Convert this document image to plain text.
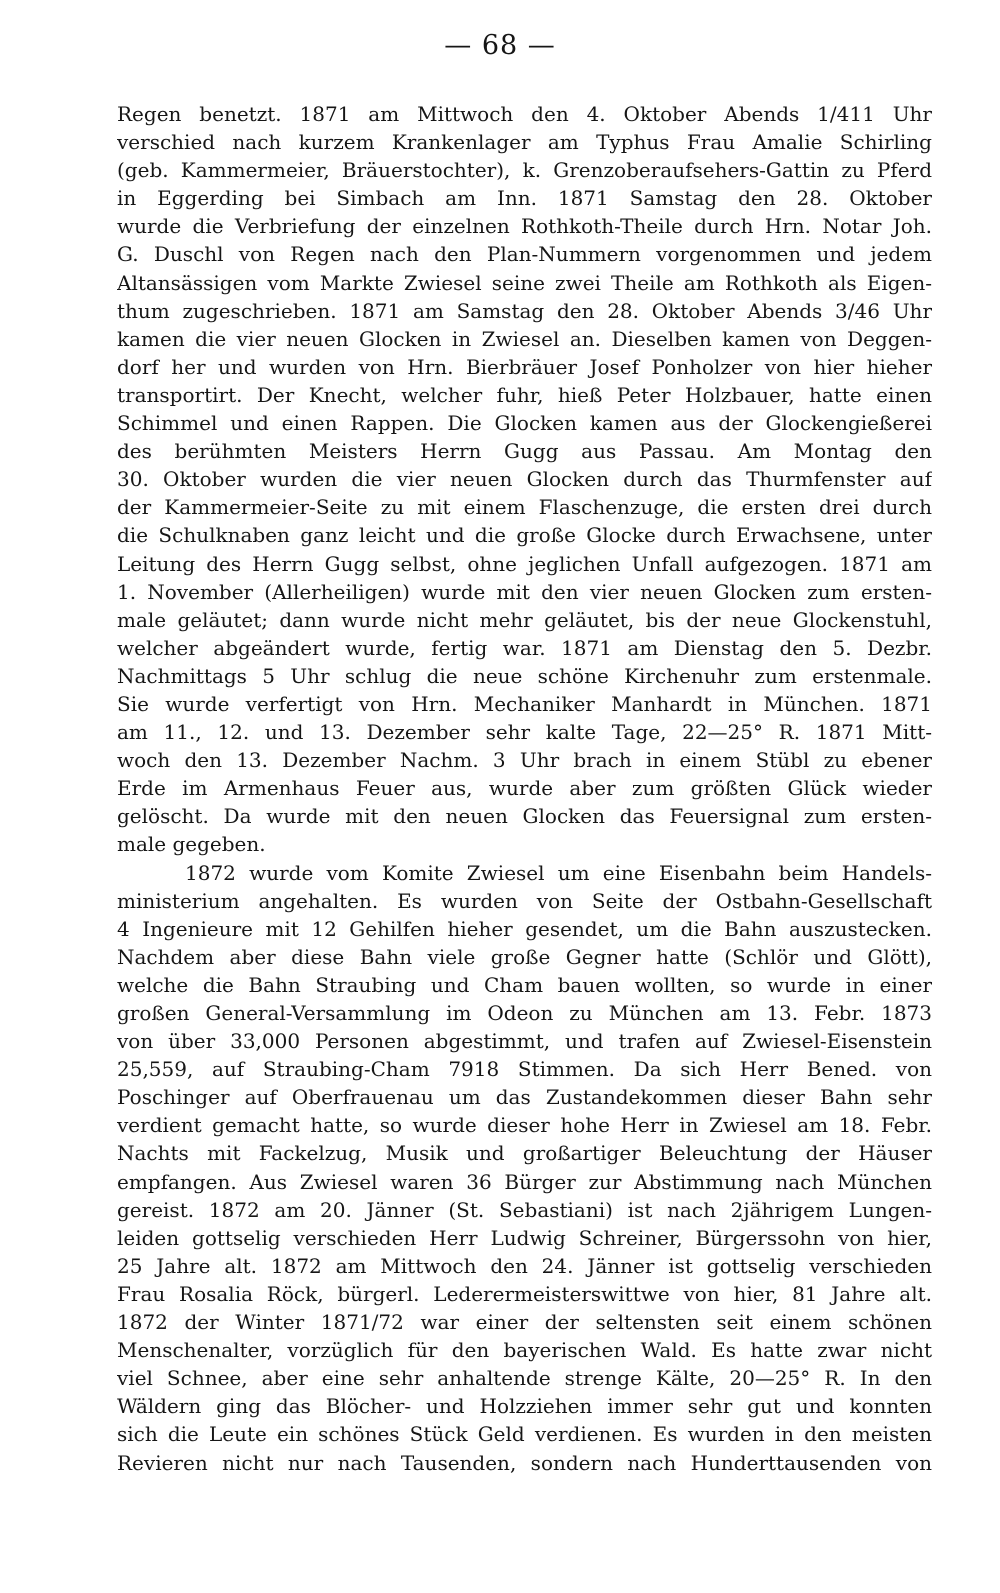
— 68 —
Regen benetzt. 1871 am Mittwoch den 4. Oktober Abends 1/411 Uhr
verschied nach kurzem Krankenlager am Typhus Frau Amalie Schirling
(geb. Kammermeier, Bräuerstochter), k. Grenzoberaufsehers-Gattin zu Pferd
in Eggerding bei Simbach am Inn. 1871 Samstag den 28. Oktober
wurde die Verbriefung der einzelnen Rothkoth-Theile durch Hrn. Notar Joh.
G. Duschl von Regen nach den Plan-Nummern vorgenommen und jedem
Altansässigen vom Markte Zwiesel seine zwei Theile am Rothkoth als Eigen-
thum zugeschrieben. 1871 am Samstag den 28. Oktober Abends 3/46 Uhr
kamen die vier neuen Glocken in Zwiesel an. Dieselben kamen von Deggen-
dorf her und wurden von Hrn. Bierbräuer Josef Ponholzer von hier hieher
transportirt. Der Knecht, welcher fuhr, hieß Peter Holzbauer, hatte einen
Schimmel und einen Rappen. Die Glocken kamen aus der Glockengießerei
des berühmten Meisters Herrn Gugg aus Passau. Am Montag den
30. Oktober wurden die vier neuen Glocken durch das Thurmfenster auf
der Kammermeier-Seite zu mit einem Flaschenzuge, die ersten drei durch
die Schulknaben ganz leicht und die große Glocke durch Erwachsene, unter
Leitung des Herrn Gugg selbst, ohne jeglichen Unfall aufgezogen. 1871 am
1. November (Allerheiligen) wurde mit den vier neuen Glocken zum ersten-
male geläutet; dann wurde nicht mehr geläutet, bis der neue Glockenstuhl,
welcher abgeändert wurde, fertig war. 1871 am Dienstag den 5. Dezbr.
Nachmittags 5 Uhr schlug die neue schöne Kirchenuhr zum erstenmale.
Sie wurde verfertigt von Hrn. Mechaniker Manhardt in München. 1871
am 11., 12. und 13. Dezember sehr kalte Tage, 22—25° R. 1871 Mitt-
woch den 13. Dezember Nachm. 3 Uhr brach in einem Stübl zu ebener
Erde im Armenhaus Feuer aus, wurde aber zum größten Glück wieder
gelöscht. Da wurde mit den neuen Glocken das Feuersignal zum ersten-
male gegeben.
1872 wurde vom Komite Zwiesel um eine Eisenbahn beim Handels-
ministerium angehalten. Es wurden von Seite der Ostbahn-Gesellschaft
4 Ingenieure mit 12 Gehilfen hieher gesendet, um die Bahn auszustecken.
Nachdem aber diese Bahn viele große Gegner hatte (Schlör und Glött),
welche die Bahn Straubing und Cham bauen wollten, so wurde in einer
großen General-Versammlung im Odeon zu München am 13. Febr. 1873
von über 33,000 Personen abgestimmt, und trafen auf Zwiesel-Eisenstein
25,559, auf Straubing-Cham 7918 Stimmen. Da sich Herr Bened. von
Poschinger auf Oberfrauenau um das Zustandekommen dieser Bahn sehr
verdient gemacht hatte, so wurde dieser hohe Herr in Zwiesel am 18. Febr.
Nachts mit Fackelzug, Musik und großartiger Beleuchtung der Häuser
empfangen. Aus Zwiesel waren 36 Bürger zur Abstimmung nach München
gereist. 1872 am 20. Jänner (St. Sebastiani) ist nach 2jährigem Lungen-
leiden gottselig verschieden Herr Ludwig Schreiner, Bürgerssohn von hier,
25 Jahre alt. 1872 am Mittwoch den 24. Jänner ist gottselig verschieden
Frau Rosalia Röck, bürgerl. Lederermeisterswittwe von hier, 81 Jahre alt.
1872 der Winter 1871/72 war einer der seltensten seit einem schönen
Menschenalter, vorzüglich für den bayerischen Wald. Es hatte zwar nicht
viel Schnee, aber eine sehr anhaltende strenge Kälte, 20—25° R. In den
Wäldern ging das Blöcher- und Holzziehen immer sehr gut und konnten
sich die Leute ein schönes Stück Geld verdienen. Es wurden in den meisten
Revieren nicht nur nach Tausenden, sondern nach Hunderttausenden von
